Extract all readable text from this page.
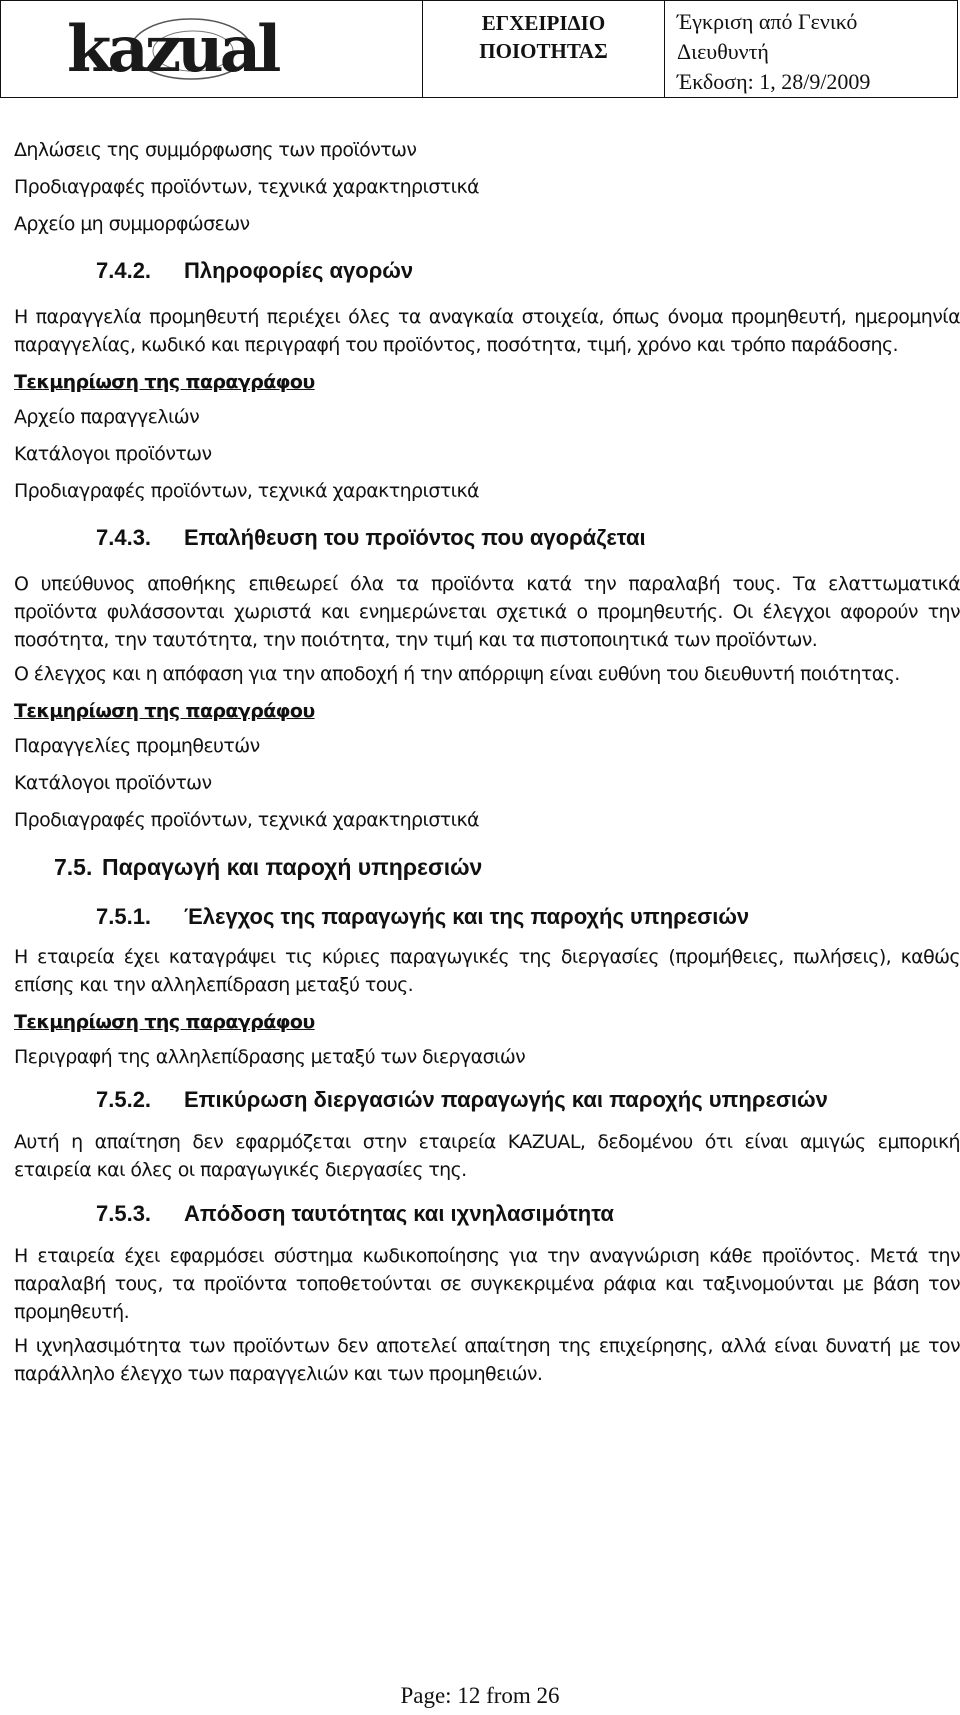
kazual	ΕΓΧΕΙΡΙΔΙΟ
ΠΟΙΟΤΗΤΑΣ
Έγκριση από Γενικό
Διευθυντή
Έκδοση: 1, 28/9/2009
Δηλώσεις της συμμόρφωσης των προϊόντων
Προδιαγραφές προϊόντων, τεχνικά χαρακτηριστικά
Αρχείο μη συμμορφώσεων
7.4.2. Πληροφορίες αγορών
Η παραγγελία προμηθευτή περιέχει όλες τα αναγκαία στοιχεία, όπως όνομα προμηθευτή, ημερομηνία παραγγελίας, κωδικό και περιγραφή του προϊόντος, ποσότητα, τιμή, χρόνο και τρόπο παράδοσης.
Τεκμηρίωση της παραγράφου
Αρχείο παραγγελιών
Κατάλογοι προϊόντων
Προδιαγραφές προϊόντων, τεχνικά χαρακτηριστικά
7.4.3. Επαλήθευση του προϊόντος που αγοράζεται
Ο υπεύθυνος αποθήκης επιθεωρεί όλα τα προϊόντα κατά την παραλαβή τους. Τα ελαττωματικά προϊόντα φυλάσσονται χωριστά και ενημερώνεται σχετικά ο προμηθευτής. Οι έλεγχοι αφορούν την ποσότητα, την ταυτότητα, την ποιότητα, την τιμή και τα πιστοποιητικά των προϊόντων.
Ο έλεγχος και η απόφαση για την αποδοχή ή την απόρριψη είναι ευθύνη του διευθυντή ποιότητας.
Τεκμηρίωση της παραγράφου
Παραγγελίες προμηθευτών
Κατάλογοι προϊόντων
Προδιαγραφές προϊόντων, τεχνικά χαρακτηριστικά
7.5. Παραγωγή και παροχή υπηρεσιών
7.5.1. Έλεγχος της παραγωγής και της παροχής υπηρεσιών
Η εταιρεία έχει καταγράψει τις κύριες παραγωγικές της διεργασίες (προμήθειες, πωλήσεις), καθώς επίσης και την αλληλεπίδραση μεταξύ τους.
Τεκμηρίωση της παραγράφου
Περιγραφή της αλληλεπίδρασης μεταξύ των διεργασιών
7.5.2. Επικύρωση διεργασιών παραγωγής και παροχής υπηρεσιών
Αυτή η απαίτηση δεν εφαρμόζεται στην εταιρεία KAZUAL, δεδομένου ότι είναι αμιγώς εμπορική εταιρεία και όλες οι παραγωγικές διεργασίες της.
7.5.3. Απόδοση ταυτότητας και ιχνηλασιμότητα
Η εταιρεία έχει εφαρμόσει σύστημα κωδικοποίησης για την αναγνώριση κάθε προϊόντος. Μετά την παραλαβή τους, τα προϊόντα τοποθετούνται σε συγκεκριμένα ράφια και ταξινομούνται με βάση τον προμηθευτή.
Η ιχνηλασιμότητα των προϊόντων δεν αποτελεί απαίτηση της επιχείρησης, αλλά είναι δυνατή με τον παράλληλο έλεγχο των παραγγελιών και των προμηθειών.
Page: 12 from 26
